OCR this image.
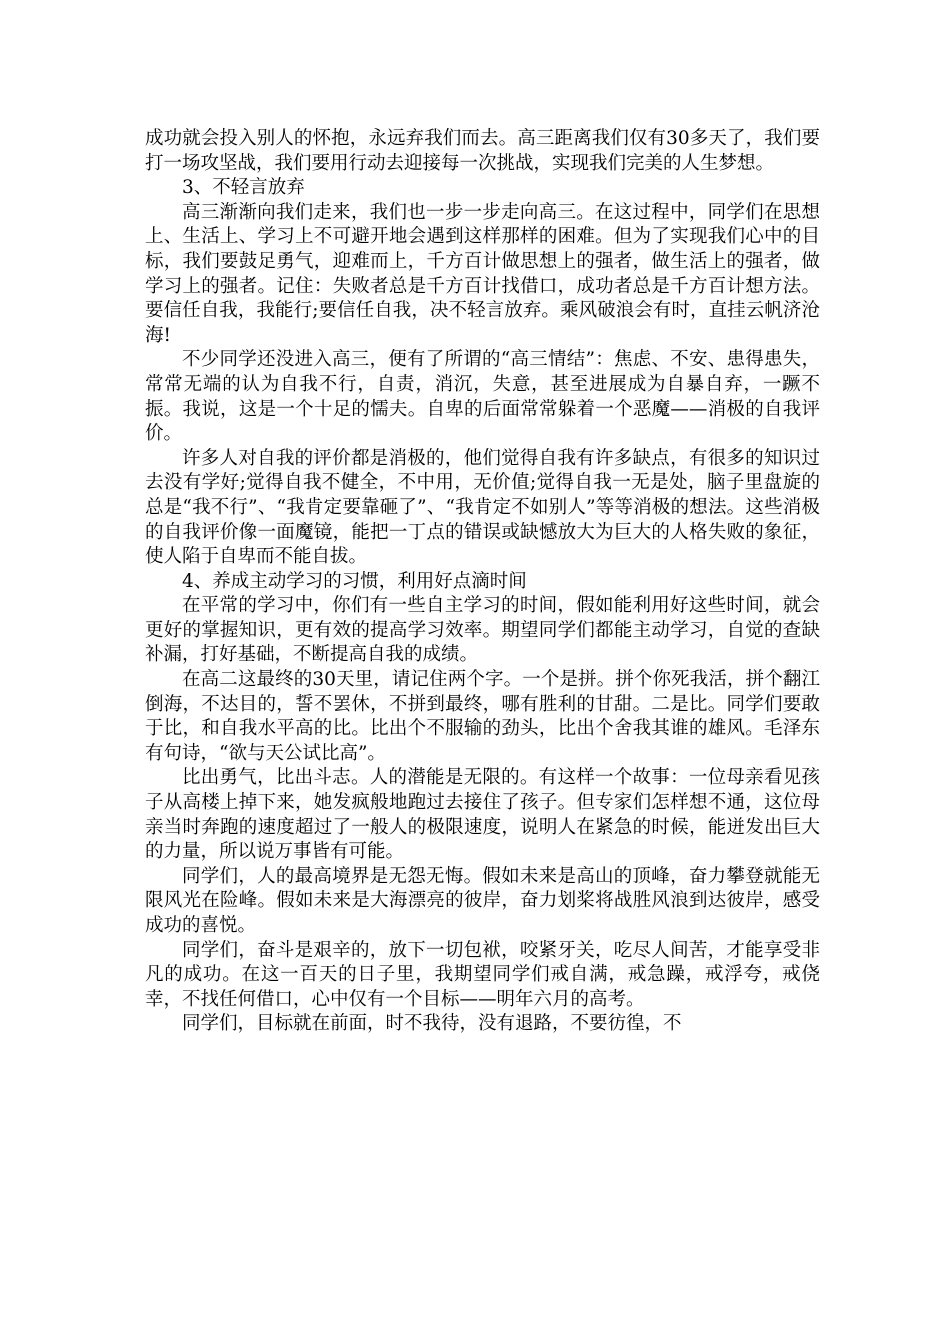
成功就会投入别人的怀抱，永远弃我们而去。高三距离我们仅有30多天了，我们要打一场攻坚战，我们要用行动去迎接每一次挑战，实现我们完美的人生梦想。

3、不轻言放弃

高三渐渐向我们走来，我们也一步一步走向高三。在这过程中，同学们在思想上、生活上、学习上不可避开地会遇到这样那样的困难。但为了实现我们心中的目标，我们要鼓足勇气，迎难而上，千方百计做思想上的强者，做生活上的强者，做学习上的强者。记住：失败者总是千方百计找借口，成功者总是千方百计想方法。要信任自我，我能行;要信任自我，决不轻言放弃。乘风破浪会有时，直挂云帆济沧海!

不少同学还没进入高三，便有了所谓的“高三情结”：焦虑、不安、患得患失，常常无端的认为自我不行，自责，消沉，失意，甚至进展成为自暴自弃，一蹶不振。我说，这是一个十足的懦夫。自卑的后面常常躲着一个恶魔——消极的自我评价。

许多人对自我的评价都是消极的，他们觉得自我有许多缺点，有很多的知识过去没有学好;觉得自我不健全，不中用，无价值;觉得自我一无是处，脑子里盘旋的总是“我不行”、“我肯定要靠砸了”、“我肯定不如别人”等等消极的想法。这些消极的自我评价像一面魔镜，能把一丁点的错误或缺憾放大为巨大的人格失败的象征，使人陷于自卑而不能自拔。

4、养成主动学习的习惯，利用好点滴时间

在平常的学习中，你们有一些自主学习的时间，假如能利用好这些时间，就会更好的掌握知识，更有效的提高学习效率。期望同学们都能主动学习，自觉的查缺补漏，打好基础，不断提高自我的成绩。

在高二这最终的30天里，请记住两个字。一个是拼。拼个你死我活，拼个翻江倒海，不达目的，誓不罢休，不拼到最终，哪有胜利的甘甜。二是比。同学们要敢于比，和自我水平高的比。比出个不服输的劲头，比出个舍我其谁的雄风。毛泽东有句诗，“欲与天公试比高”。

比出勇气，比出斗志。人的潜能是无限的。有这样一个故事：一位母亲看见孩子从高楼上掉下来，她发疯般地跑过去接住了孩子。但专家们怎样想不通，这位母亲当时奔跑的速度超过了一般人的极限速度，说明人在紧急的时候，能迸发出巨大的力量，所以说万事皆有可能。

同学们，人的最高境界是无怨无悔。假如未来是高山的顶峰，奋力攀登就能无限风光在险峰。假如未来是大海漂亮的彼岸，奋力划桨将战胜风浪到达彼岸，感受成功的喜悦。

同学们，奋斗是艰辛的，放下一切包袱，咬紧牙关，吃尽人间苦，才能享受非凡的成功。在这一百天的日子里，我期望同学们戒自满，戒急躁，戒浮夸，戒侥幸，不找任何借口，心中仅有一个目标——明年六月的高考。

同学们，目标就在前面，时不我待，没有退路，不要彷徨，不
